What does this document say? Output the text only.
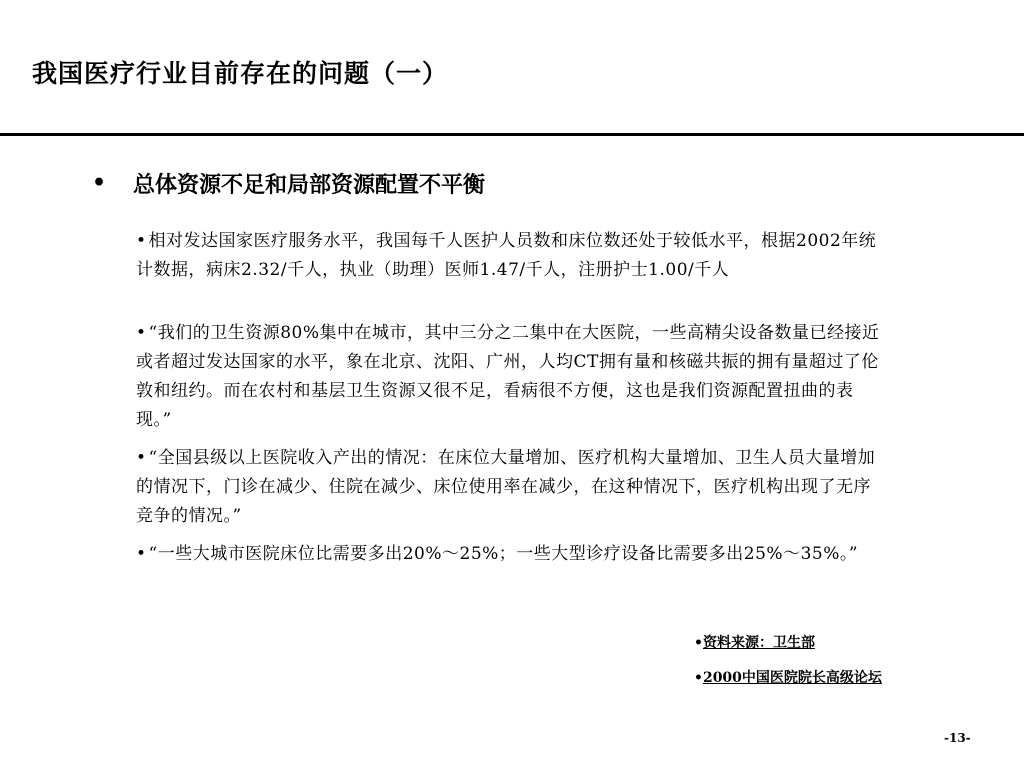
我国医疗行业目前存在的问题（一）
• 总体资源不足和局部资源配置不平衡
• 相对发达国家医疗服务水平，我国每千人医护人员数和床位数还处于较低水平，根据2002年统计数据，病床2.32/千人，执业（助理）医师1.47/千人，注册护士1.00/千人
• “我们的卫生资源80%集中在城市，其中三分之二集中在大医院，一些高精尖设备数量已经接近或者超过发达国家的水平，象在北京、沈阳、广州，人均CT拥有量和核磁共振的拥有量超过了伦敦和纽约。而在农村和基层卫生资源又很不足，看病很不方便，这也是我们资源配置扭曲的表现。”
• “全国县级以上医院收入产出的情况：在床位大量增加、医疗机构大量增加、卫生人员大量增加的情况下，门诊在减少、住院在减少、床位使用率在减少，在这种情况下，医疗机构出现了无序竞争的情况。”
• “一些大城市医院床位比需要多出20%～25%；一些大型诊疗设备比需要多出25%～35%。”
•资料来源：卫生部
•2000中国医院院长高级论坛
-13-
